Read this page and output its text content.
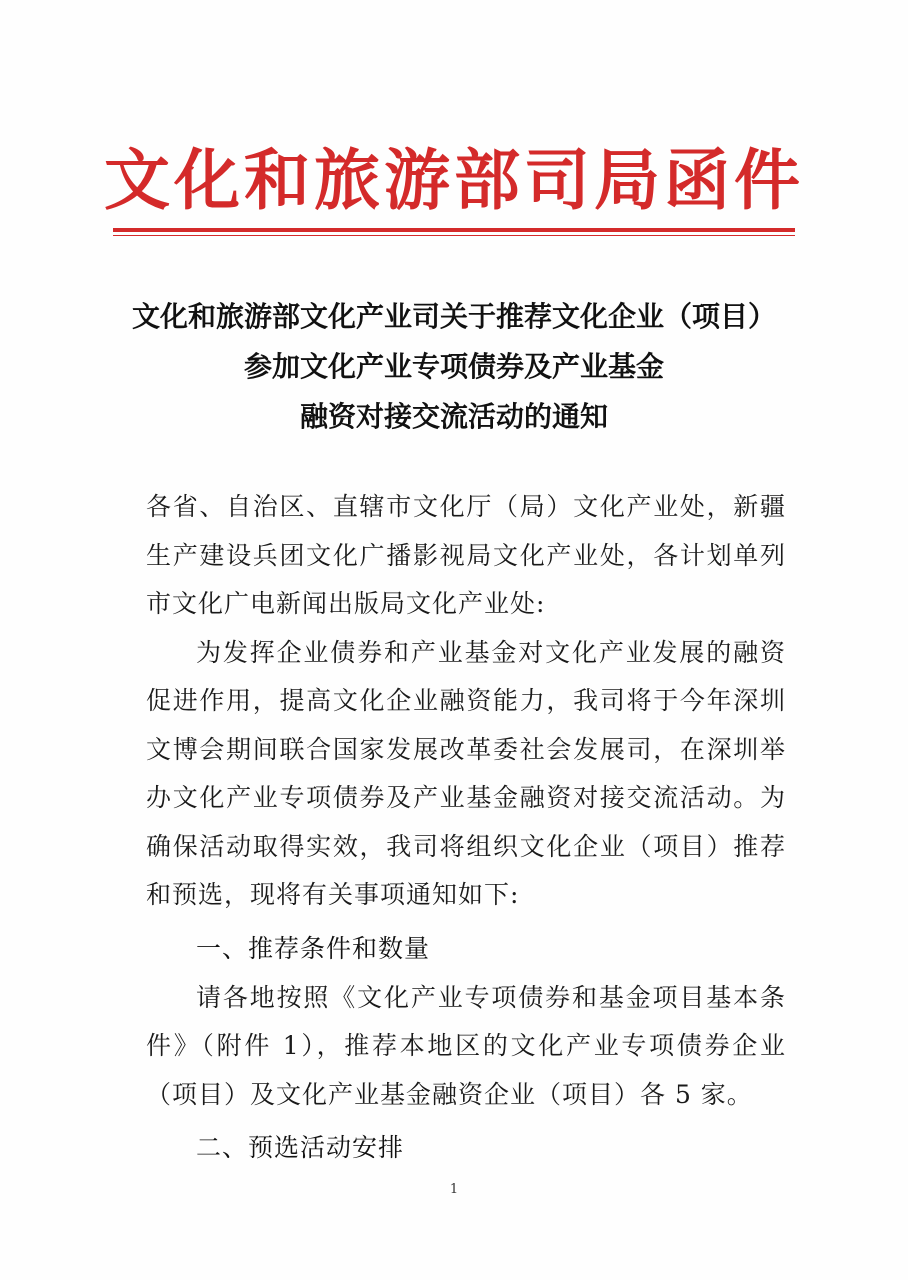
文化和旅游部司局函件
文化和旅游部文化产业司关于推荐文化企业（项目）
参加文化产业专项债券及产业基金
融资对接交流活动的通知

各省、自治区、直辖市文化厅（局）文化产业处，新疆生产建设兵团文化广播影视局文化产业处，各计划单列市文化广电新闻出版局文化产业处:

为发挥企业债券和产业基金对文化产业发展的融资促进作用，提高文化企业融资能力，我司将于今年深圳文博会期间联合国家发展改革委社会发展司，在深圳举办文化产业专项债券及产业基金融资对接交流活动。为确保活动取得实效，我司将组织文化企业（项目）推荐和预选，现将有关事项通知如下:

一、推荐条件和数量

请各地按照《文化产业专项债券和基金项目基本条件》（附件 1），推荐本地区的文化产业专项债券企业（项目）及文化产业基金融资企业（项目）各 5 家。

二、预选活动安排

1
